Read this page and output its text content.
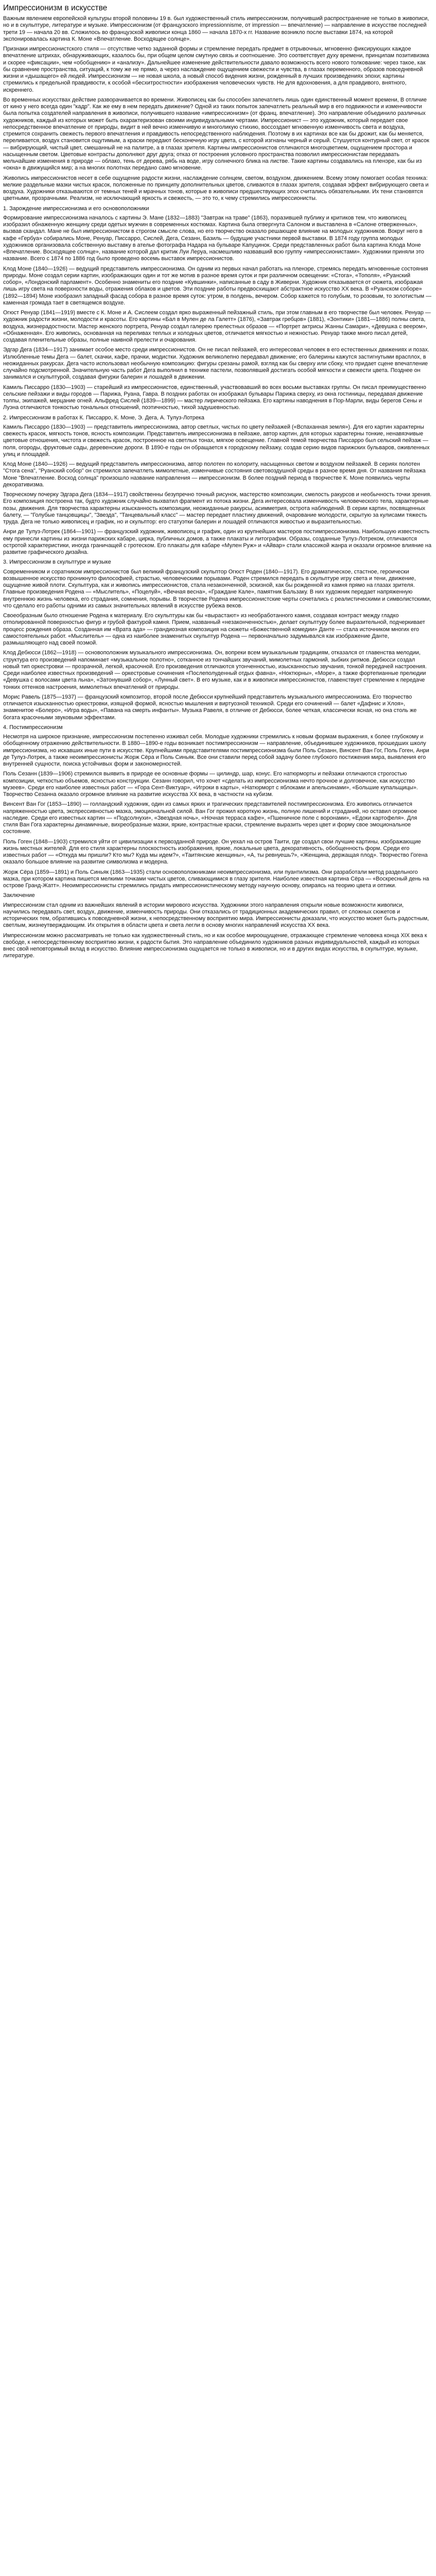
Импрессионизм в искусстве

Важным явлением европейской культуры второй половины 19 в. был художественный стиль импрессионизм, получивший распространение не только в живописи, но и в скульптуре, литературе и музыке. Импрессионизм (от французского impressionnisme, от impression — впечатление) — направление в искусстве последней трети 19 — начала 20 вв. Сложилось во французской живописи конца 1860 — начала 1870-х гг. Название возникло после выставки 1874, на которой экспонировалась картина К. Моне «Впечатление. Восходящее солнце».

Признаки импрессионистского стиля — отсутствие четко заданной формы и стремление передать предмет в отрывочных, мгновенно фиксирующих каждое впечатление штрихах, обнаруживающих, казалось бы, при общем целом смутную связь и соотношение. Это соответствует духу времени, принципам позитивизма и скорее «фиксации», чем «обобщению» и «анализу». Дальнейшее изменение действительности давало возможность всего нового толкование: через такое, как бы сравнение пространства, ситуаций, к тому же не прямо, а через наслаждение ощущением свежести и чувства, в глазах переменного, образов повседневной жизни и «дышащего» ей людей. Импрессионизм — не новая школа, а новый способ видения жизни, рожденный в лучших произведениях эпохи; картины стремились к предельной правдивости, к особой «бесхитростности» изображения человеческих чувств. Не для вдохновения, а для правдивого, внятного, искреннего.

Во временных искусствах действие разворачивается во времени. Живописец как бы способен запечатлеть лишь один единственный момент времени, В отличие от кино у него всегда один "кадр". Как же ему в нем передать движение? Одной из таких попыток запечатлеть реальный мир в его подвижности и изменчивости была попытка создателей направления в живописи, получившего название «импрессионизм» (от франц. впечатление). Это направление объединило различных художников, каждый из которых может быть охарактеризован своими индивидуальными чертами. Импрессионист — это художник, который передает свое непосредственное впечатление от природы, видит в ней вечно изменчивую и многоликую стихию, воссоздает мгновенную изменчивость света и воздуха, стремится сохранить свежесть первого впечатления и правдивость непосредственного наблюдения. Поэтому в их картинах все как бы дрожит, как бы меняется, переливается, воздух становится ощутимым, а краски передают бесконечную игру цвета, с которой изгнаны черный и серый. Стушуется контурный свет, от красок — вибрирующий, чистый цвет, смешанный не на палитре, а в глазах зрителя. Картины импрессионистов отличаются многоцветием, ощущением простора и насыщенным светом. Цветовые контрасты дополняют друг друга; отказ от построения условного пространства позволил импрессионистам передавать мельчайшие изменения в природе — облако, тень от дерева, рябь на воде, игру солнечного блика на листве. Такие картины создавались на пленэре, как бы из «окна» в движущийся мир; а на многих полотнах передано само мгновение.

Живопись импрессионистов несет в себе ощущение радости жизни, наслаждение солнцем, светом, воздухом, движением. Всему этому помогает особая техника: мелкие раздельные мазки чистых красок, положенные по принципу дополнительных цветов, сливаются в глазах зрителя, создавая эффект вибрирующего света и воздуха. Художники отказываются от темных теней и мрачных тонов, которые в живописи предшествующих эпох считались обязательными. Их тени становятся цветными, прозрачными. Реализм, не исключающий яркость и свежесть, — это то, к чему стремились импрессионисты.

1. Зарождение импрессионизма и его основоположники

Формирование импрессионизма началось с картины Э. Мане (1832—1883) "Завтрак на траве" (1863), поразившей публику и критиков тем, что живописец изобразил обнаженную женщину среди одетых мужчин в современных костюмах. Картина была отвергнута Салоном и выставлена в «Салоне отверженных», вызвав скандал. Мане не был импрессионистом в строгом смысле слова, но его творчество оказало решающее влияние на молодых художников. Вокруг него в кафе «Гербуа» собирались Моне, Ренуар, Писсарро, Сислей, Дега, Сезанн, Базиль — будущие участники первой выставки. В 1874 году группа молодых художников организовала собственную выставку в ателье фотографа Надара на бульваре Капуцинок. Среди представленных работ была картина Клода Моне «Впечатление. Восходящее солнце», название которой дал критик Луи Леруа, насмешливо назвавший всю группу «импрессионистами». Художники приняли это название. Всего с 1874 по 1886 год было проведено восемь выставок импрессионистов.

Клод Моне (1840—1926) — ведущий представитель импрессионизма. Он одним из первых начал работать на пленэре, стремясь передать мгновенные состояния природы. Моне создал серии картин, изображающих один и тот же мотив в разное время суток и при различном освещении: «Стога», «Тополя», «Руанский собор», «Лондонский парламент». Особенно знамениты его поздние «Кувшинки», написанные в саду в Живерни. Художник отказывается от сюжета, изображая лишь игру света на поверхности воды, отражения облаков и цветов. Эти поздние работы предвосхищают абстрактное искусство XX века. В «Руанском соборе» (1892—1894) Моне изобразил западный фасад собора в разное время суток: утром, в полдень, вечером. Собор кажется то голубым, то розовым, то золотистым — каменная громада тает в светящемся воздухе.

Огюст Ренуар (1841—1919) вместе с К. Моне и А. Сислеем создал ярко выраженный пейзажный стиль, при этом главным в его творчестве был человек. Ренуар — художник радости жизни, молодости и красоты. Его картины «Бал в Мулен де ла Галетт» (1876), «Завтрак гребцов» (1881), «Зонтики» (1881—1886) полны света, воздуха, жизнерадостности. Мастер женского портрета, Ренуар создал галерею прелестных образов — «Портрет актрисы Жанны Самари», «Девушка с веером», «Обнаженная». Его живопись, основанная на переливах теплых и холодных цветов, отличается мягкостью и нежностью. Ренуар также много писал детей, создавая пленительные образы, полные наивной прелести и очарования.

Эдгар Дега (1834—1917) занимает особое место среди импрессионистов. Он не писал пейзажей, его интересовал человек в его естественных движениях и позах. Излюбленные темы Дега — балет, скачки, кафе, прачки, модистки. Художник великолепно передавал движение; его балерины кажутся застигнутыми врасплох, в неожиданных ракурсах. Дега часто использовал необычную композицию: фигуры срезаны рамой, взгляд как бы сверху или сбоку, что придает сцене впечатление случайно подсмотренной. Значительную часть работ Дега выполнил в технике пастели, позволявшей достигать особой мягкости и свежести цвета. Позднее он занимался и скульптурой, создавая фигурки балерин и лошадей в движении.

Камиль Писсарро (1830—1903) — старейший из импрессионистов, единственный, участвовавший во всех восьми выставках группы. Он писал преимущественно сельские пейзажи и виды городов — Парижа, Руана, Гавра. В поздних работах он изображал бульвары Парижа сверху, из окна гостиницы, передавая движение толпы, экипажей, мерцание огней. Альфред Сислей (1839—1899) — мастер лирического пейзажа. Его картины наводнения в Пор-Марли, виды берегов Сены и Луэна отличаются тонкостью тональных отношений, поэтичностью, тихой задушевностью.

2. Импрессионизм в работах К. Писсарро, К. Моне, Э. Дега, А. Тулуз-Лотрека

Камиль Писсарро (1830—1903) — представитель импрессионизма, автор светлых, чистых по цвету пейзажей («Вспаханная земля»). Для его картин характерны свежесть красок, мягкость тонов, ясность композиции. Представитель импрессионизма в пейзаже, автор картин, для которых характерны тонкие, ненавязчивые цветовые отношения, чистота и свежесть красок, построенное на светлых тонах, мягкое освещение. Главной темой творчества Писсарро был сельский пейзаж — поля, огороды, фруктовые сады, деревенские дороги. В 1890-е годы он обращается к городскому пейзажу, создав серию видов парижских бульваров, оживленных улиц и площадей.

Клод Моне (1840—1926) — ведущий представитель импрессионизма, автор полотен по колориту, насыщенных светом и воздухом пейзажей. В сериях полотен "Стога сена", "Руанский собор" он стремился запечатлеть мимолетные, изменчивые состояния световоздушной среды в разное время дня. От названия пейзажа Моне "Впечатление. Восход солнца" произошло название направления — импрессионизм. В более поздний период в творчестве К. Моне появились черты декоративизма.

Творческому почерку Эдгара Дега (1834—1917) свойственны безупречно точный рисунок, мастерство композиции, смелость ракурсов и необычность точки зрения. Его композиция построена так, будто художник случайно выхватил фрагмент из потока жизни. Дега интересовала изменчивость человеческого тела, характерные позы, движения. Для творчества характерны изысканность композиции, неожиданные ракурсы, асимметрия, острота наблюдений. В серии картин, посвященных балету, — "Голубые танцовщицы", "Звезда", "Танцевальный класс" — мастер передает пластику движений, очарование молодости, скрытую за кулисами тяжесть труда. Дега не только живописец и график, но и скульптор: его статуэтки балерин и лошадей отличаются живостью и выразительностью.

Анри де Тулуз-Лотрек (1864—1901) — французский художник, живописец и график, один из крупнейших мастеров постимпрессионизма. Наибольшую известность ему принесли картины из жизни парижских кабаре, цирка, публичных домов, а также плакаты и литографии. Образы, созданные Тулуз-Лотреком, отличаются остротой характеристики, иногда граничащей с гротеском. Его плакаты для кабаре «Мулен Руж» и «Айвар» стали классикой жанра и оказали огромное влияние на развитие графического дизайна.

3. Импрессионизм в скульптуре и музыке

Современником и соратником импрессионистов был великий французский скульптор Огюст Роден (1840—1917). Его драматическое, стастное, героически возвышенное искусство проникнуто философией, страстью, человеческими порывами. Роден стремился передать в скульптуре игру света и тени, движение, ощущение живой плоти. Скульптура, как и живопись импрессионистов, стала незаконченной, эскизной, как бы рожденной из камня прямо на глазах зрителя. Главные произведения Родена — «Мыслитель», «Поцелуй», «Вечная весна», «Граждане Кале», памятник Бальзаку. В них художник передает напряженную внутреннюю жизнь человека, его страдания, сомнения, порывы. В творчестве Родена импрессионистские черты сочетались с реалистическими и символистскими, что сделало его работы одними из самых значительных явлений в искусстве рубежа веков.

Своеобразным было отношение Родена к материалу. Его скульптуры как бы «вырастают» из необработанного камня, создавая контраст между гладко отполированной поверхностью фигур и грубой фактурой камня. Прием, названный «незаконченностью», делает скульптуру более выразительной, подчеркивает процесс рождения образа. Созданная им «Врата ада» — грандиозная композиция на сюжеты «Божественной комедии» Данте — стала источником многих его самостоятельных работ. «Мыслитель» — одна из наиболее знаменитых скульптур Родена — первоначально задумывался как изображение Данте, размышляющего над своей поэмой.

Клод Дебюсси (1862—1918) — основоположник музыкального импрессионизма. Он, вопреки всем музыкальным традициям, отказался от главенства мелодии, структура его произведений напоминает «музыкальное полотно», сотканное из тончайших звучаний, мимолетных гармоний, зыбких ритмов. Дебюсси создал новый тип оркестровки — прозрачной, легкой, красочной. Его произведения отличаются утонченностью, изысканностью звучания, тонкой передачей настроения. Среди наиболее известных произведений — оркестровые сочинения «Послеполуденный отдых фавна», «Ноктюрны», «Море», а также фортепианные прелюдии «Девушка с волосами цвета льна», «Затонувший собор», «Лунный свет». В его музыке, как и в живописи импрессионистов, главенствует стремление к передаче тонких оттенков настроения, мимолетных впечатлений от природы.

Морис Равель (1875—1937) — французский композитор, второй после Дебюсси крупнейший представитель музыкального импрессионизма. Его творчество отличается изысканностью оркестровки, изящной формой, ясностью мышления и виртуозной техникой. Среди его сочинений — балет «Дафнис и Хлоя», знаменитое «Болеро», «Игра воды», «Павана на смерть инфанты». Музыка Равеля, в отличие от Дебюсси, более четкая, классически ясная, но она столь же богата красочными звуковыми эффектами.

4. Постимпрессионизм

Несмотря на широкое признание, импрессионизм постепенно изживал себя. Молодые художники стремились к новым формам выражения, к более глубокому и обобщенному отражению действительности. В 1880—1890-е годы возникает постимпрессионизм — направление, объединившее художников, прошедших школу импрессионизма, но искавших иные пути в искусстве. Крупнейшими представителями постимпрессионизма были Поль Сезанн, Винсент Ван Гог, Поль Гоген, Анри де Тулуз-Лотрек, а также неоимпрессионисты Жорж Сёра и Поль Синьяк. Все они ставили перед собой задачу более глубокого постижения мира, выявления его внутренней сущности, поиска устойчивых форм и закономерностей.

Поль Сезанн (1839—1906) стремился выявить в природе ее основные формы — цилиндр, шар, конус. Его натюрморты и пейзажи отличаются строгостью композиции, четкостью объемов, ясностью конструкции. Сезанн говорил, что хочет «сделать из импрессионизма нечто прочное и долговечное, как искусство музеев». Среди его наиболее известных работ — «Гора Сент-Виктуар», «Игроки в карты», «Натюрморт с яблоками и апельсинами», «Большие купальщицы». Творчество Сезанна оказало огромное влияние на развитие искусства XX века, в частности на кубизм.

Винсент Ван Гог (1853—1890) — голландский художник, один из самых ярких и трагических представителей постимпрессионизма. Его живопись отличается напряженностью цвета, экспрессивностью мазка, эмоциональной силой. Ван Гог прожил короткую жизнь, полную лишений и страданий, но оставил огромное наследие. Среди его известных картин — «Подсолнухи», «Звездная ночь», «Ночная терраса кафе», «Пшеничное поле с воронами», «Едоки картофеля». Для стиля Ван Гога характерны динамичные, вихреобразные мазки, яркие, контрастные краски, стремление выразить через цвет и форму свое эмоциональное состояние.

Поль Гоген (1848—1903) стремился уйти от цивилизации к первозданной природе. Он уехал на остров Таити, где создал свои лучшие картины, изображающие жизнь местных жителей. Для его стиля характерны плоскостность изображения, яркие, локальные цвета, декоративность, обобщенность форм. Среди его известных работ — «Откуда мы пришли? Кто мы? Куда мы идем?», «Таитянские женщины», «А, ты ревнуешь?», «Женщина, держащая плод». Творчество Гогена оказало большое влияние на развитие символизма и модерна.

Жорж Сёра (1859—1891) и Поль Синьяк (1863—1935) стали основоположниками неоимпрессионизма, или пуантилизма. Они разработали метод раздельного мазка, при котором картина пишется мелкими точками чистых цветов, сливающимися в глазу зрителя. Наиболее известная картина Сёра — «Воскресный день на острове Гранд-Жатт». Неоимпрессионисты стремились придать импрессионистическому методу научную основу, опираясь на теорию цвета и оптики.

Заключение

Импрессионизм стал одним из важнейших явлений в истории мирового искусства. Художники этого направления открыли новые возможности живописи, научились передавать свет, воздух, движение, изменчивость природы. Они отказались от традиционных академических правил, от сложных сюжетов и исторических тем, обратившись к повседневной жизни, к непосредственному восприятию мира. Импрессионисты доказали, что искусство может быть радостным, светлым, жизнеутверждающим. Их открытия в области цвета и света легли в основу многих направлений искусства XX века.

Импрессионизм можно рассматривать не только как художественный стиль, но и как особое мироощущение, отражающее стремление человека конца XIX века к свободе, к непосредственному восприятию жизни, к радости бытия. Это направление объединило художников разных индивидуальностей, каждый из которых внес свой неповторимый вклад в искусство. Влияние импрессионизма ощущается не только в живописи, но и в других видах искусства, в скульптуре, музыке, литературе.
